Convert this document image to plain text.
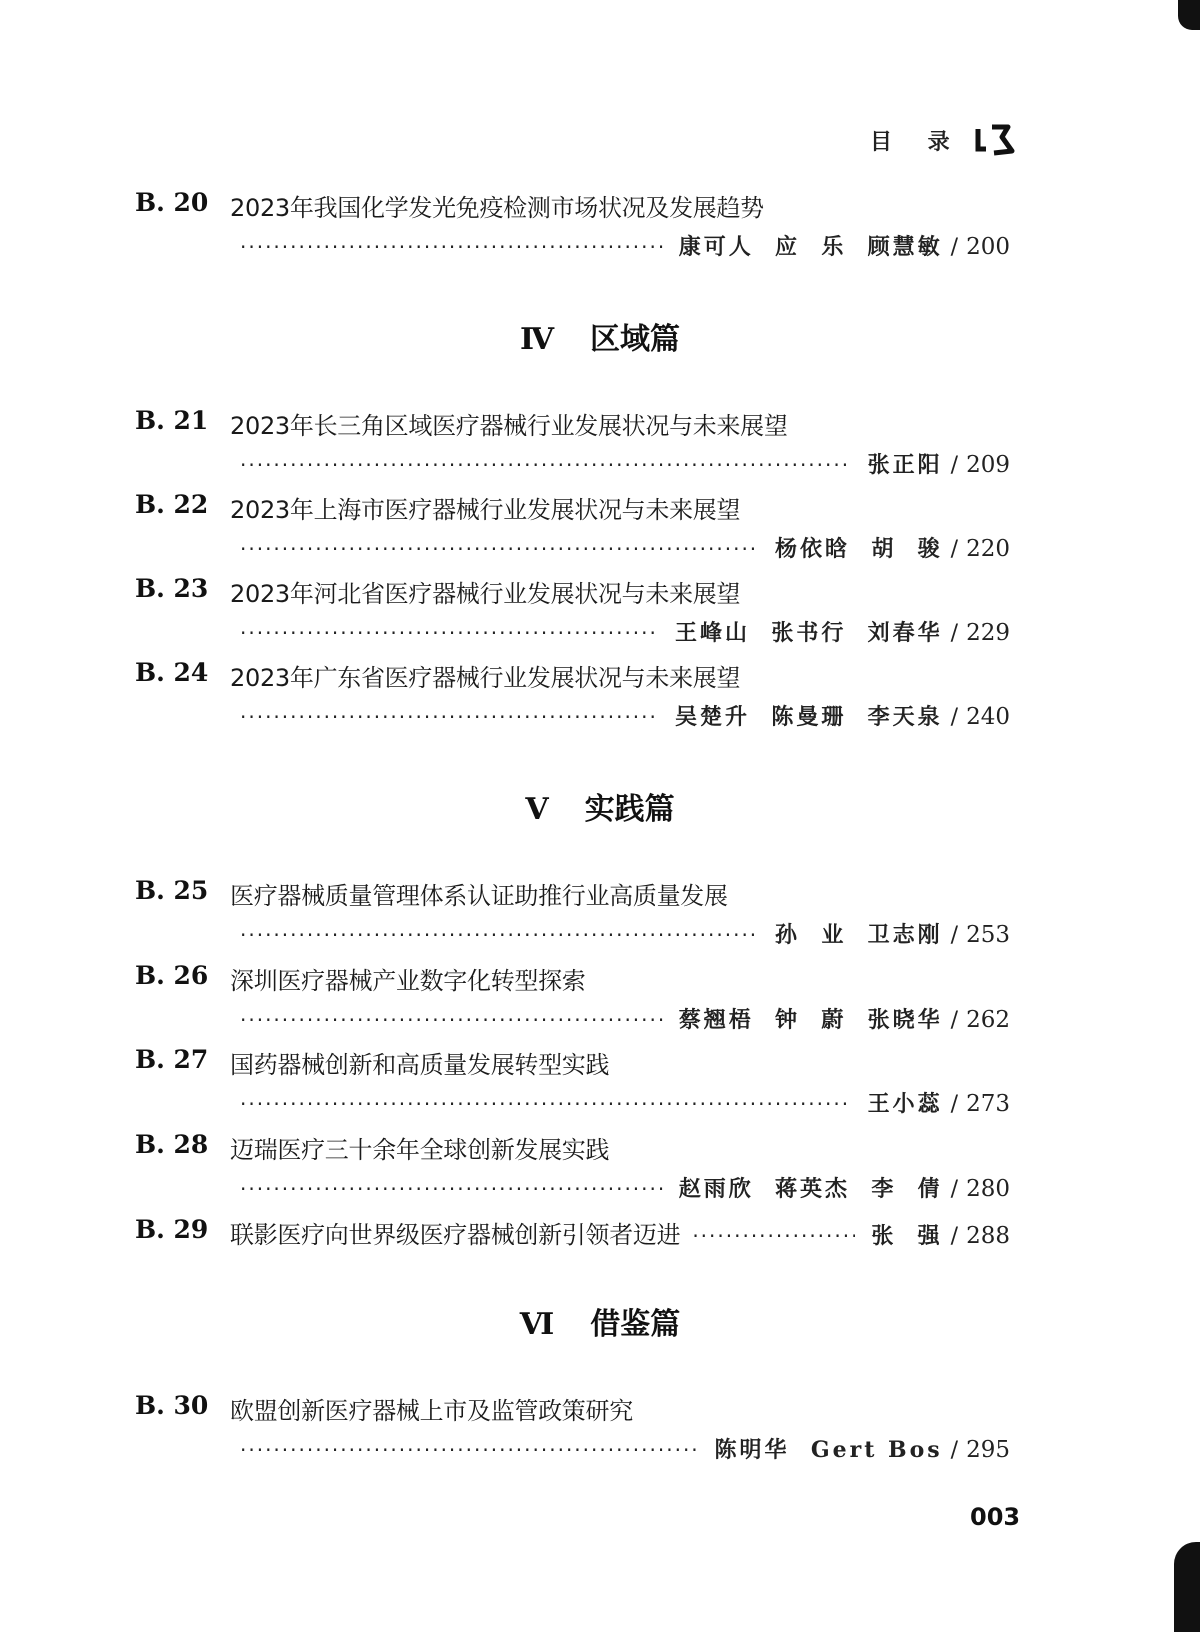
目 录
B. 20 2023年我国化学发光免疫检测市场状况及发展趋势
·····
康可人  应  乐  顾慧敏 / 200
Ⅳ 区域篇
B. 21 2023年长三角区域医疗器械行业发展状况与未来展望
·····
张正阳 / 209
B. 22 2023年上海市医疗器械行业发展状况与未来展望
·····
杨依晗  胡  骏 / 220
B. 23 2023年河北省医疗器械行业发展状况与未来展望
·····
王峰山  张书行  刘春华 / 229
B. 24 2023年广东省医疗器械行业发展状况与未来展望
·····
吴楚升  陈曼珊  李天泉 / 240
Ⅴ 实践篇
B. 25 医疗器械质量管理体系认证助推行业高质量发展
·····
孙  业  卫志刚 / 253
B. 26 深圳医疗器械产业数字化转型探索
·····
蔡翘梧  钟  蔚  张晓华 / 262
B. 27 国药器械创新和高质量发展转型实践
·····
王小蕊 / 273
B. 28 迈瑞医疗三十余年全球创新发展实践
·····
赵雨欣  蒋英杰  李  倩 / 280
B. 29 联影医疗向世界级医疗器械创新引领者迈进
·····	张  强 / 288
Ⅵ 借鉴篇
B. 30 欧盟创新医疗器械上市及监管政策研究
·····
陈明华  Gert Bos / 295
003
